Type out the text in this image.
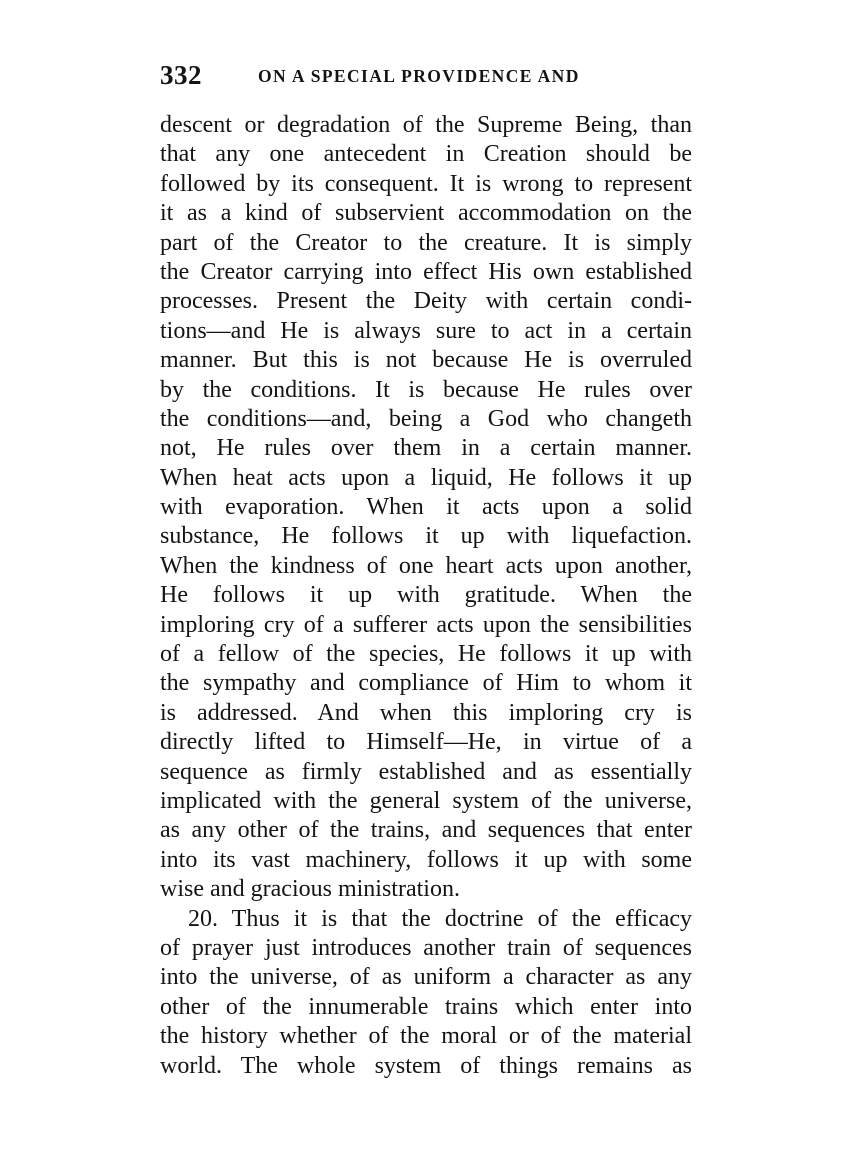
332	ON A SPECIAL PROVIDENCE AND
descent or degradation of the Supreme Being, than
that any one antecedent in Creation should be
followed by its consequent. It is wrong to represent
it as a kind of subservient accommodation on the
part of the Creator to the creature. It is simply
the Creator carrying into effect His own established
processes. Present the Deity with certain condi-
tions—and He is always sure to act in a certain
manner. But this is not because He is overruled
by the conditions. It is because He rules over
the conditions—and, being a God who changeth
not, He rules over them in a certain manner.
When heat acts upon a liquid, He follows it up
with evaporation. When it acts upon a solid
substance, He follows it up with liquefaction.
When the kindness of one heart acts upon another,
He follows it up with gratitude. When the
imploring cry of a sufferer acts upon the sensibilities
of a fellow of the species, He follows it up with
the sympathy and compliance of Him to whom it
is addressed. And when this imploring cry is
directly lifted to Himself—He, in virtue of a
sequence as firmly established and as essentially
implicated with the general system of the universe,
as any other of the trains, and sequences that enter
into its vast machinery, follows it up with some
wise and gracious ministration.
20. Thus it is that the doctrine of the efficacy
of prayer just introduces another train of sequences
into the universe, of as uniform a character as any
other of the innumerable trains which enter into
the history whether of the moral or of the material
world. The whole system of things remains as
